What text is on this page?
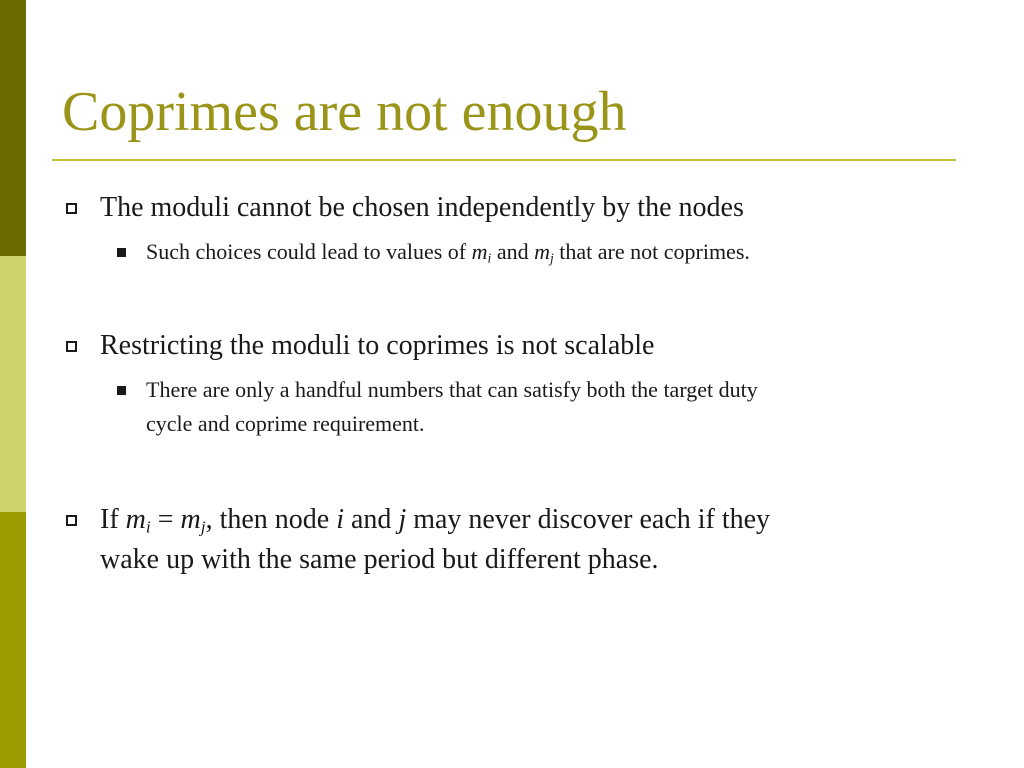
Coprimes are not enough
The moduli cannot be chosen independently by the nodes
Such choices could lead to values of $m_i$ and $m_j$ that are not coprimes.
Restricting the moduli to coprimes is not scalable
There are only a handful numbers that can satisfy both the target duty
cycle and coprime requirement.
If $m_i = m_j$, then node i and j may never discover each if they
wake up with the same period but different phase.
